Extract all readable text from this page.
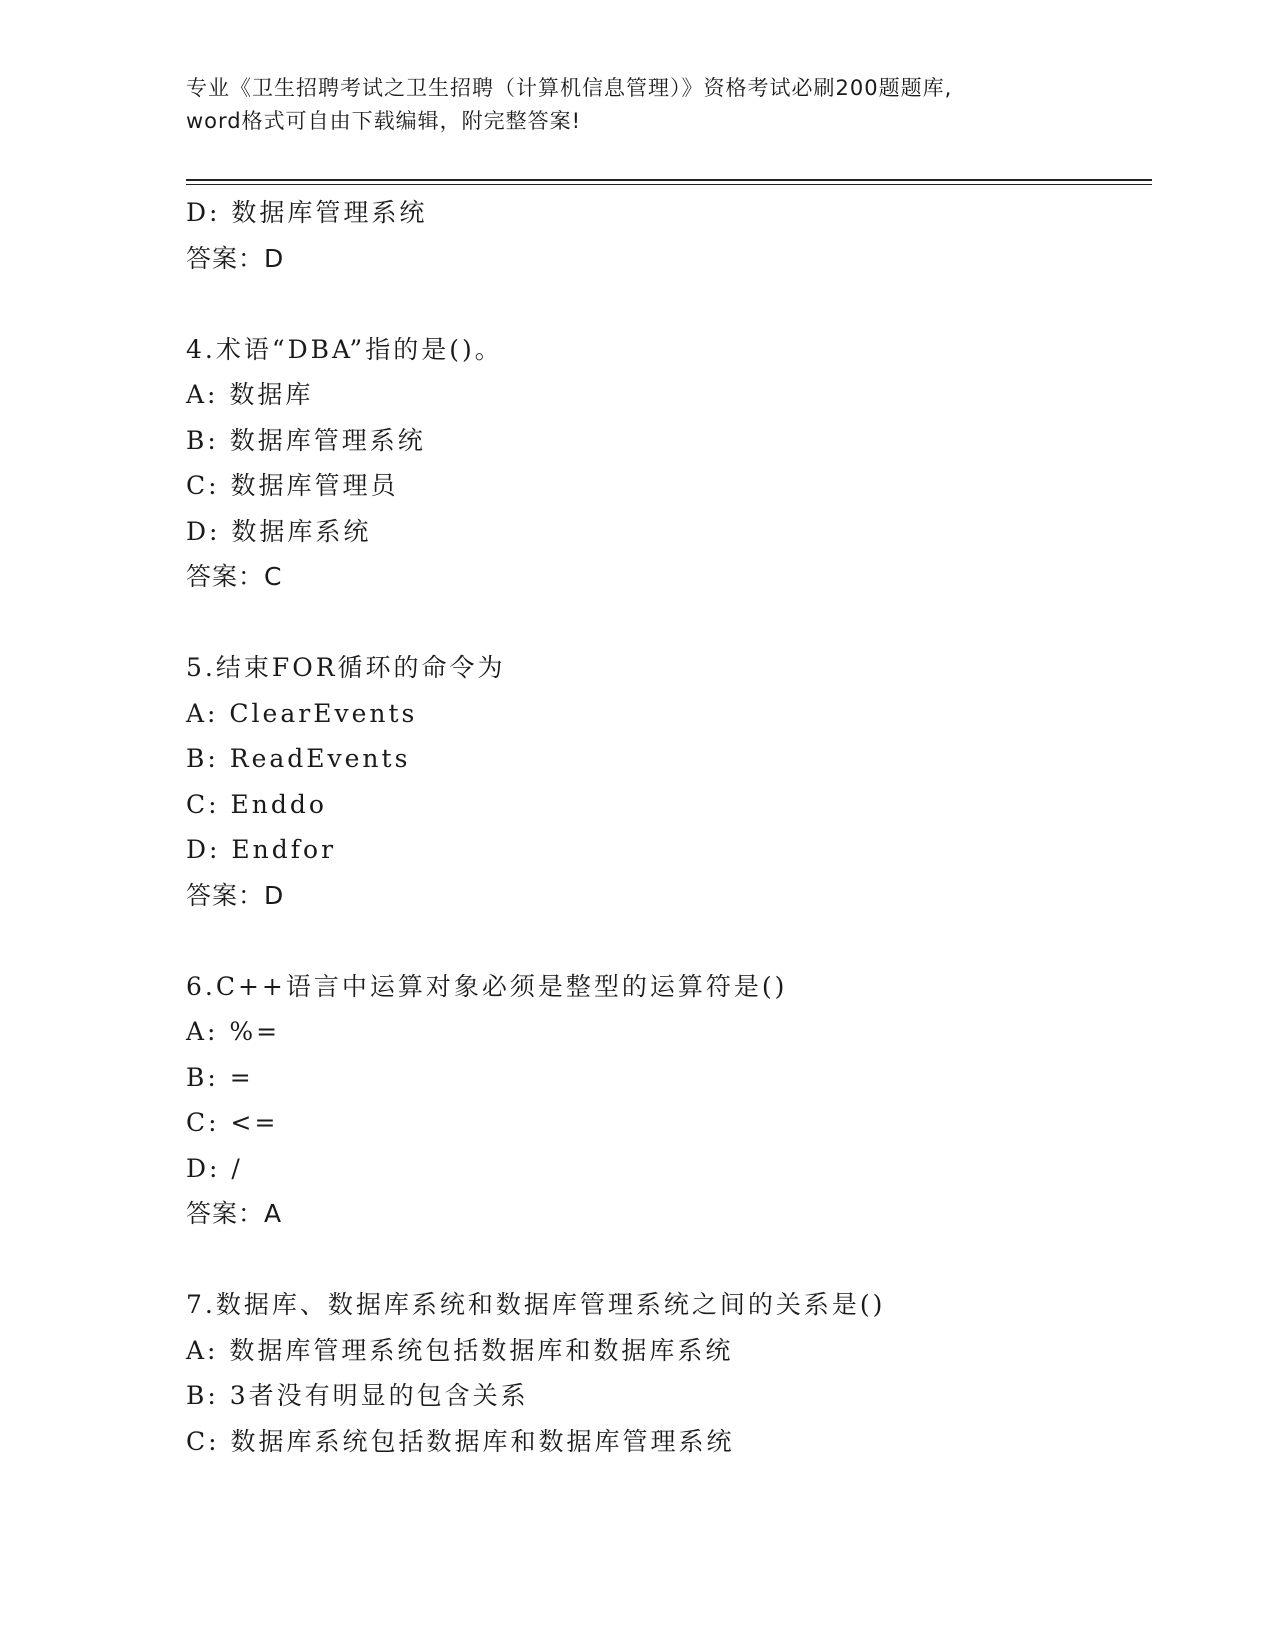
专业《卫生招聘考试之卫生招聘（计算机信息管理）》资格考试必刷200题题库,
word格式可自由下载编辑，附完整答案!
D: 数据库管理系统
答案：D
4.术语“DBA”指的是()。
A: 数据库
B: 数据库管理系统
C: 数据库管理员
D: 数据库系统
答案：C
5.结束FOR循环的命令为
A: ClearEvents
B: ReadEvents
C: Enddo
D: Endfor
答案：D
6.C++语言中运算对象必须是整型的运算符是()
A: %=
B: =
C: <=
D: /
答案：A
7.数据库、数据库系统和数据库管理系统之间的关系是()
A: 数据库管理系统包括数据库和数据库系统
B: 3者没有明显的包含关系
C: 数据库系统包括数据库和数据库管理系统
